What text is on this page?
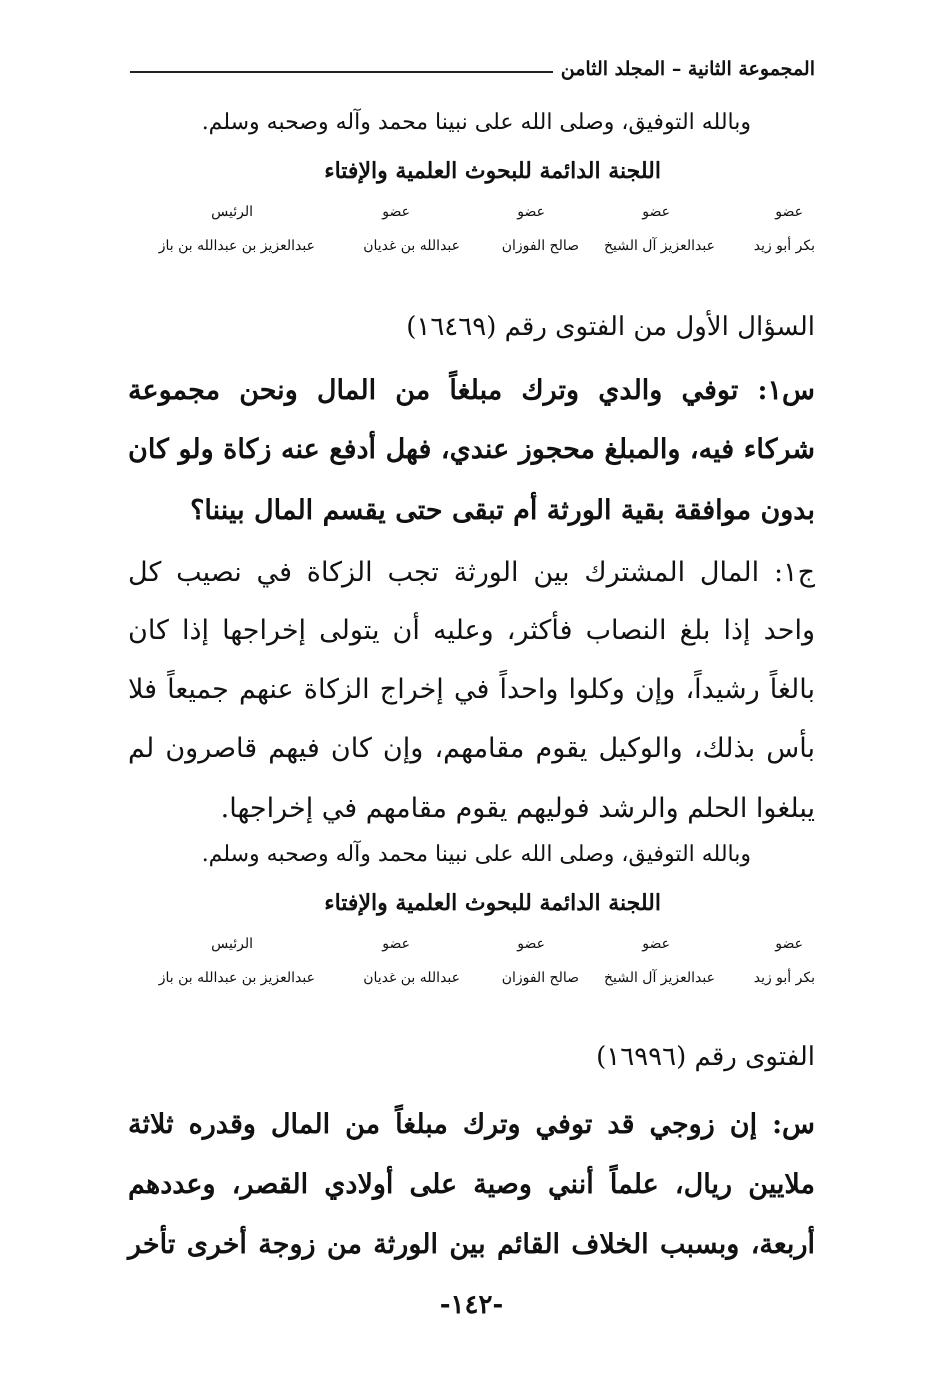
المجموعة الثانية – المجلد الثامن
وبالله التوفيق، وصلى الله على نبينا محمد وآله وصحبه وسلم.
اللجنة الدائمة للبحوث العلمية والإفتاء
عضو
عضو
عضو
عضو
الرئيس
بكر أبو زيد
عبدالعزيز آل الشيخ
صالح الفوزان
عبدالله بن غديان
عبدالعزيز بن عبدالله بن باز
السؤال الأول من الفتوى رقم (١٦٤٦٩)
س١: توفي والدي وترك مبلغاً من المال ونحن مجموعة
شركاء فيه، والمبلغ محجوز عندي، فهل أدفع عنه زكاة ولو كان
بدون موافقة بقية الورثة أم تبقى حتى يقسم المال بيننا؟
ج١: المال المشترك بين الورثة تجب الزكاة في نصيب كل
واحد إذا بلغ النصاب فأكثر، وعليه أن يتولى إخراجها إذا كان
بالغاً رشيداً، وإن وكلوا واحداً في إخراج الزكاة عنهم جميعاً فلا
بأس بذلك، والوكيل يقوم مقامهم، وإن كان فيهم قاصرون لم
يبلغوا الحلم والرشد فوليهم يقوم مقامهم في إخراجها.
وبالله التوفيق، وصلى الله على نبينا محمد وآله وصحبه وسلم.
اللجنة الدائمة للبحوث العلمية والإفتاء
عضو
عضو
عضو
عضو
الرئيس
بكر أبو زيد
عبدالعزيز آل الشيخ
صالح الفوزان
عبدالله بن غديان
عبدالعزيز بن عبدالله بن باز
الفتوى رقم (١٦٩٩٦)
س: إن زوجي قد توفي وترك مبلغاً من المال وقدره ثلاثة
ملايين ريال، علماً أنني وصية على أولادي القصر، وعددهم
أربعة، وبسبب الخلاف القائم بين الورثة من زوجة أخرى تأخر
-١٤٢-
